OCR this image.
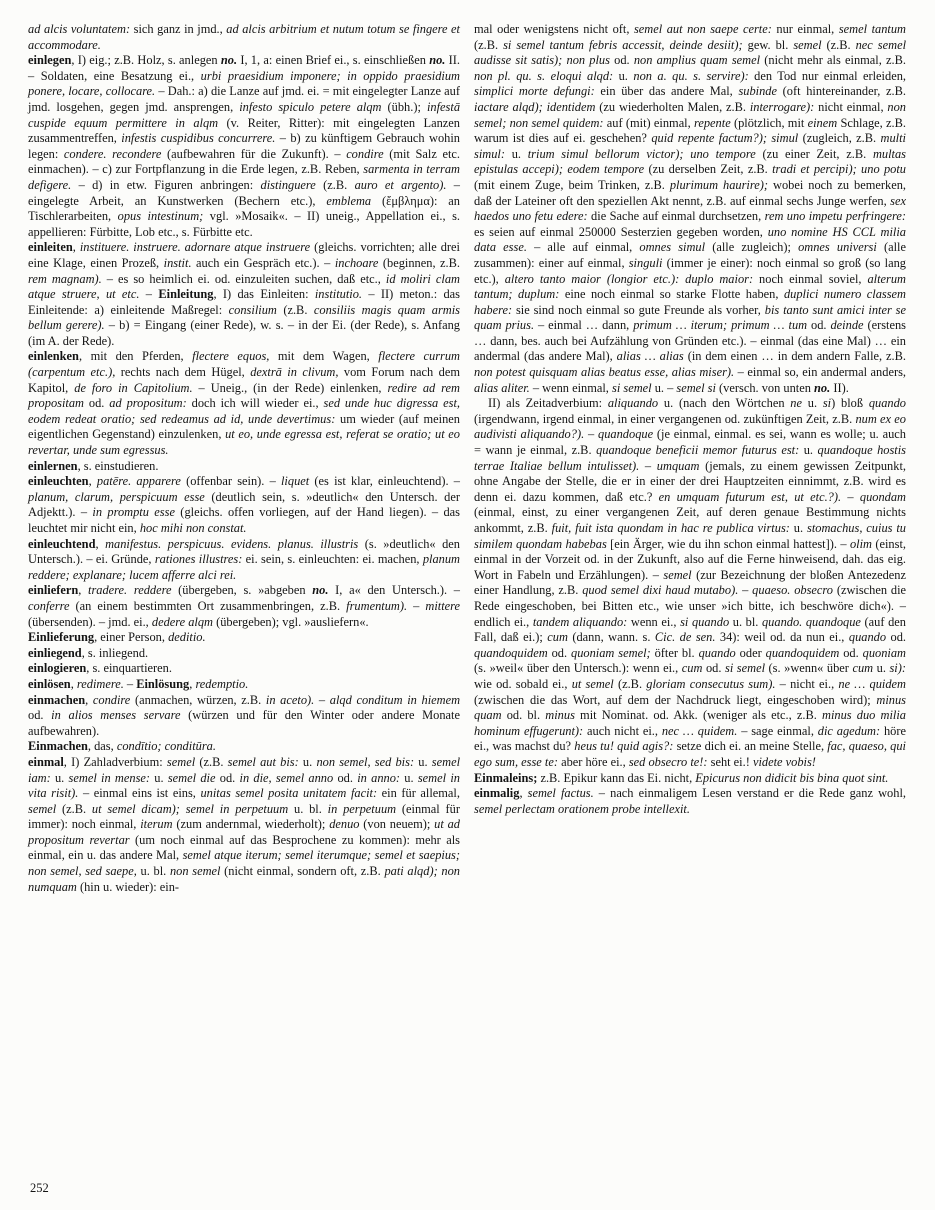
ad alcis voluntatem: sich ganz in jmd., ad alcis arbitrium et nutum totum se fingere et accommodare.

einlegen, I) eig.; z.B. Holz, s. anlegen no. I, 1, a: einen Brief ei., s. einschließen no. II. – Soldaten, eine Besatzung ei., urbi praesidium imponere; in oppido praesidium ponere, locare, collocare. – Dah.: a) die Lanze auf jmd. ei. = mit eingelegter Lanze auf jmd. losgehen, gegen jmd. ansprengen, infesto spiculo petere alqm (übh.); infestā cuspide equum permittere in alqm (v. Reiter, Ritter): mit eingelegten Lanzen zusammentreffen, infestis cuspidibus concurrere. – b) zu künftigem Gebrauch wohin legen: condere. recondere (aufbewahren für die Zukunft). – condire (mit Salz etc. einmachen). – c) zur Fortpflanzung in die Erde legen, z.B. Reben, sarmenta in terram defigere. – d) in etw. Figuren anbringen: distinguere (z.B. auro et argento). – eingelegte Arbeit, an Kunstwerken (Bechern etc.), emblema (ἔμβλημα): an Tischlerarbeiten, opus intestinum; vgl. »Mosaik«. – II) uneig., Appellation ei., s. appellieren: Fürbitte, Lob etc., s. Fürbitte etc.

einleiten, instituere. instruere. adornare atque instruere (gleichs. vorrichten; alle drei eine Klage, einen Prozeß, instit. auch ein Gespräch etc.). – inchoare (beginnen, z.B. rem magnam). – es so heimlich ei. od. einzuleiten suchen, daß etc., id moliri clam atque struere, ut etc. – Einleitung, I) das Einleiten: institutio. – II) meton.: das Einleitende: a) einleitende Maßregel: consilium (z.B. consiliis magis quam armis bellum gerere). – b) = Eingang (einer Rede), w. s. – in der Ei. (der Rede), s. Anfang (im A. der Rede).

einlenken, mit den Pferden, flectere equos, mit dem Wagen, flectere currum (carpentum etc.), rechts nach dem Hügel, dextrā in clivum, vom Forum nach dem Kapitol, de foro in Capitolium. – Uneig., (in der Rede) einlenken, redire ad rem propositam od. ad propositum: doch ich will wieder ei., sed unde huc digressa est, eodem redeat oratio; sed redeamus ad id, unde devertimus: um wieder (auf meinen eigentlichen Gegenstand) einzulenken, ut eo, unde egressa est, referat se oratio; ut eo revertar, unde sum egressus.

einlernen, s. einstudieren.

einleuchten, patēre. apparere (offenbar sein). – liquet (es ist klar, einleuchtend). – planum, clarum, perspicuum esse (deutlich sein, s. »deutlich« den Untersch. der Adjektt.). – in promptu esse (gleichs. offen vorliegen, auf der Hand liegen). – das leuchtet mir nicht ein, hoc mihi non constat.

einleuchtend, manifestus. perspicuus. evidens. planus. illustris (s. »deutlich« den Untersch.). – ei. Gründe, rationes illustres: ei. sein, s. einleuchten: ei. machen, planum reddere; explanare; lucem afferre alci rei.

einliefern, tradere. reddere (übergeben, s. »abgeben no. I, a« den Untersch.). – conferre (an einem bestimmten Ort zusammenbringen, z.B. frumentum). – mittere (übersenden). – jmd. ei., dedere alqm (übergeben); vgl. »ausliefern«.

Einlieferung, einer Person, deditio.

einliegend, s. inliegend.

einlogieren, s. einquartieren.

einlösen, redimere. – Einlösung, redemptio.

einmachen, condire (anmachen, würzen, z.B. in aceto). – alqd conditum in hiemem od. in alios menses servare (würzen und für den Winter oder andere Monate aufbewahren).

Einmachen, das, condītio; conditūra.

einmal, I) Zahladverbium: semel (z.B. semel aut bis: u. non semel, sed bis: u. semel iam: u. semel in mense: u. semel die od. in die, semel anno od. in anno: u. semel in vita risit). – einmal eins ist eins, unitas semel posita unitatem facit: ein für allemal, semel (z.B. ut semel dicam); semel in perpetuum u. bl. in perpetuum (einmal für immer): noch einmal, iterum (zum andernmal, wiederholt); denuo (von neuem); ut ad propositum revertar (um noch einmal auf das Besprochene zu kommen): mehr als einmal, ein u. das andere Mal, semel atque iterum; semel iterumque; semel et saepius; non semel, sed saepe, u. bl. non semel (nicht einmal, sondern oft, z.B. pati alqd); non numquam (hin u. wieder): ein-

mal oder wenigstens nicht oft, semel aut non saepe certe: nur einmal, semel tantum (z.B. si semel tantum febris accessit, deinde desiit); gew. bl. semel (z.B. nec semel audisse sit satis); non plus od. non amplius quam semel (nicht mehr als einmal, z.B. non pl. qu. s. eloqui alqd: u. non a. qu. s. servire): den Tod nur einmal erleiden, simplici morte defungi: ein über das andere Mal, subinde (oft hintereinander, z.B. iactare alqd); identidem (zu wiederholten Malen, z.B. interrogare): nicht einmal, non semel; non semel quidem: auf (mit) einmal, repente (plötzlich, mit einem Schlage, z.B. warum ist dies auf ei. geschehen? quid repente factum?); simul (zugleich, z.B. multi simul: u. trium simul bellorum victor); uno tempore (zu einer Zeit, z.B. multas epistulas accepi); eodem tempore (zu derselben Zeit, z.B. tradi et percipi); uno potu (mit einem Zuge, beim Trinken, z.B. plurimum haurire); wobei noch zu bemerken, daß der Lateiner oft den speziellen Akt nennt, z.B. auf einmal sechs Junge werfen, sex haedos uno fetu edere: die Sache auf einmal durchsetzen, rem uno impetu perfringere: es seien auf einmal 250000 Sesterzien gegeben worden, uno nomine HS CCL milia data esse. – alle auf einmal, omnes simul (alle zugleich); omnes universi (alle zusammen): einer auf einmal, singuli (immer je einer): noch einmal so groß (so lang etc.), altero tanto maior (longior etc.): duplo maior: noch einmal soviel, alterum tantum; duplum: eine noch einmal so starke Flotte haben, duplici numero classem habere: sie sind noch einmal so gute Freunde als vorher, bis tanto sunt amici inter se quam prius. – einmal … dann, primum … iterum; primum … tum od. deinde (erstens … dann, bes. auch bei Aufzählung von Gründen etc.). – einmal (das eine Mal) … ein andermal (das andere Mal), alias … alias (in dem einen … in dem andern Falle, z.B. non potest quisquam alias beatus esse, alias miser). – einmal so, ein andermal anders, alias aliter. – wenn einmal, si semel u. – semel si (versch. von unten no. II).

II) als Zeitadverbium: aliquando u. (nach den Wörtchen ne u. si) bloß quando (irgendwann, irgend einmal, in einer vergangenen od. zukünftigen Zeit, z.B. num ex eo audivisti aliquando?). – quandoque (je einmal, einmal. es sei, wann es wolle; u. auch = wann je einmal, z.B. quandoque beneficii memor futurus est: u. quandoque hostis terrae Italiae bellum intulisset). – umquam (jemals, zu einem gewissen Zeitpunkt, ohne Angabe der Stelle, die er in einer der drei Hauptzeiten einnimmt, z.B. wird es denn ei. dazu kommen, daß etc.? en umquam futurum est, ut etc.?). – quondam (einmal, einst, zu einer vergangenen Zeit, auf deren genaue Bestimmung nichts ankommt, z.B. fuit, fuit ista quondam in hac re publica virtus: u. stomachus, cuius tu similem quondam habebas [ein Ärger, wie du ihn schon einmal hattest]). – olim (einst, einmal in der Vorzeit od. in der Zukunft, also auf die Ferne hinweisend, dah. das eig. Wort in Fabeln und Erzählungen). – semel (zur Bezeichnung der bloßen Antezedenz einer Handlung, z.B. quod semel dixi haud mutabo). – quaeso. obsecro (zwischen die Rede eingeschoben, bei Bitten etc., wie unser »ich bitte, ich beschwöre dich«). – endlich ei., tandem aliquando: wenn ei., si quando u. bl. quando. quandoque (auf den Fall, daß ei.); cum (dann, wann. s. Cic. de sen. 34): weil od. da nun ei., quando od. quandoquidem od. quoniam semel; öfter bl. quando oder quandoquidem od. quoniam (s. »weil« über den Untersch.): wenn ei., cum od. si semel (s. »wenn« über cum u. si): wie od. sobald ei., ut semel (z.B. gloriam consecutus sum). – nicht ei., ne … quidem (zwischen die das Wort, auf dem der Nachdruck liegt, eingeschoben wird); minus quam od. bl. minus mit Nominat. od. Akk. (weniger als etc., z.B. minus duo milia hominum effugerunt): auch nicht ei., nec … quidem. – sage einmal, dic agedum: höre ei., was machst du? heus tu! quid agis?: setze dich ei. an meine Stelle, fac, quaeso, qui ego sum, esse te: aber höre ei., sed obsecro te!: seht ei.! videte vobis!

Einmaleins; z.B. Epikur kann das Ei. nicht, Epicurus non didicit bis bina quot sint.

einmalig, semel factus. – nach einmaligem Lesen verstand er die Rede ganz wohl, semel perlectam orationem probe intellexit.

252
